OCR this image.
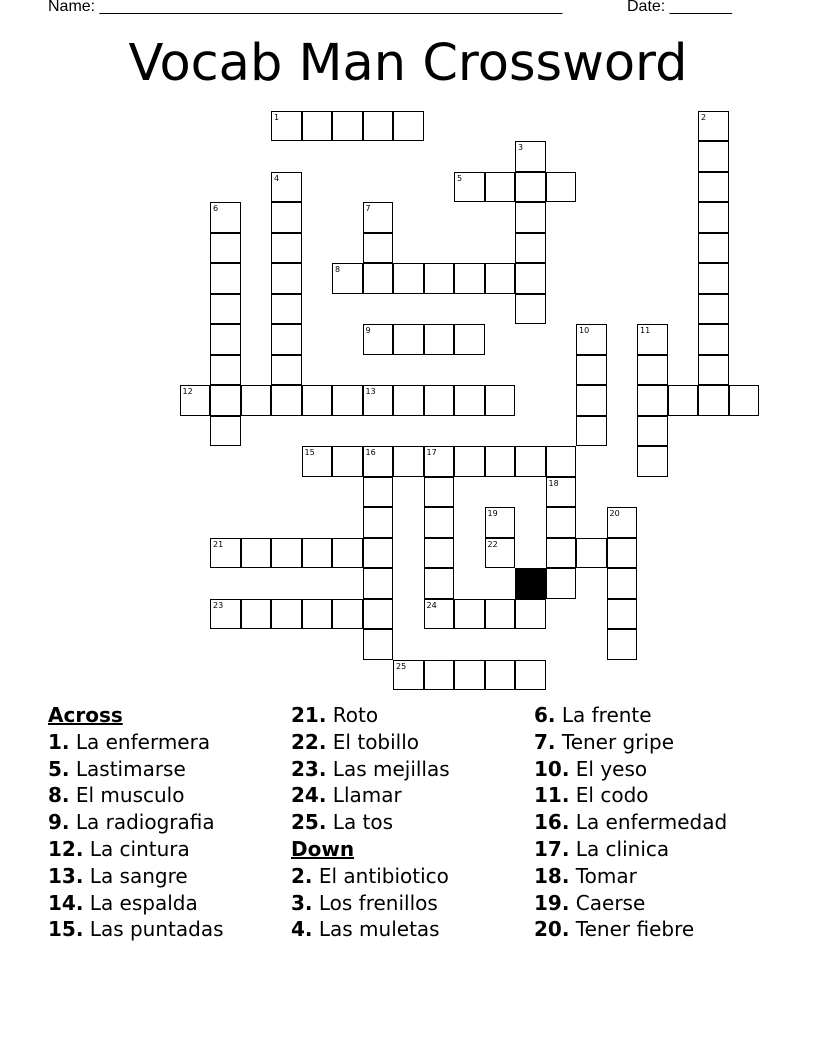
Name: ____________________________________________________	Date: _______
Vocab Man Crossword
1	2
3
5
4
6	7
8
9	10	11
12	13
15	16	17
18
19	20
21	22
23	24
25
Across
1. La enfermera
5. Lastimarse
8. El musculo
9. La radiografia
12. La cintura
13. La sangre
14. La espalda
15. Las puntadas
21. Roto
22. El tobillo
23. Las mejillas
24. Llamar
25. La tos
Down
2. El antibiotico
3. Los frenillos
4. Las muletas
6. La frente
7. Tener gripe
10. El yeso
11. El codo
16. La enfermedad
17. La clinica
18. Tomar
19. Caerse
20. Tener fiebre
